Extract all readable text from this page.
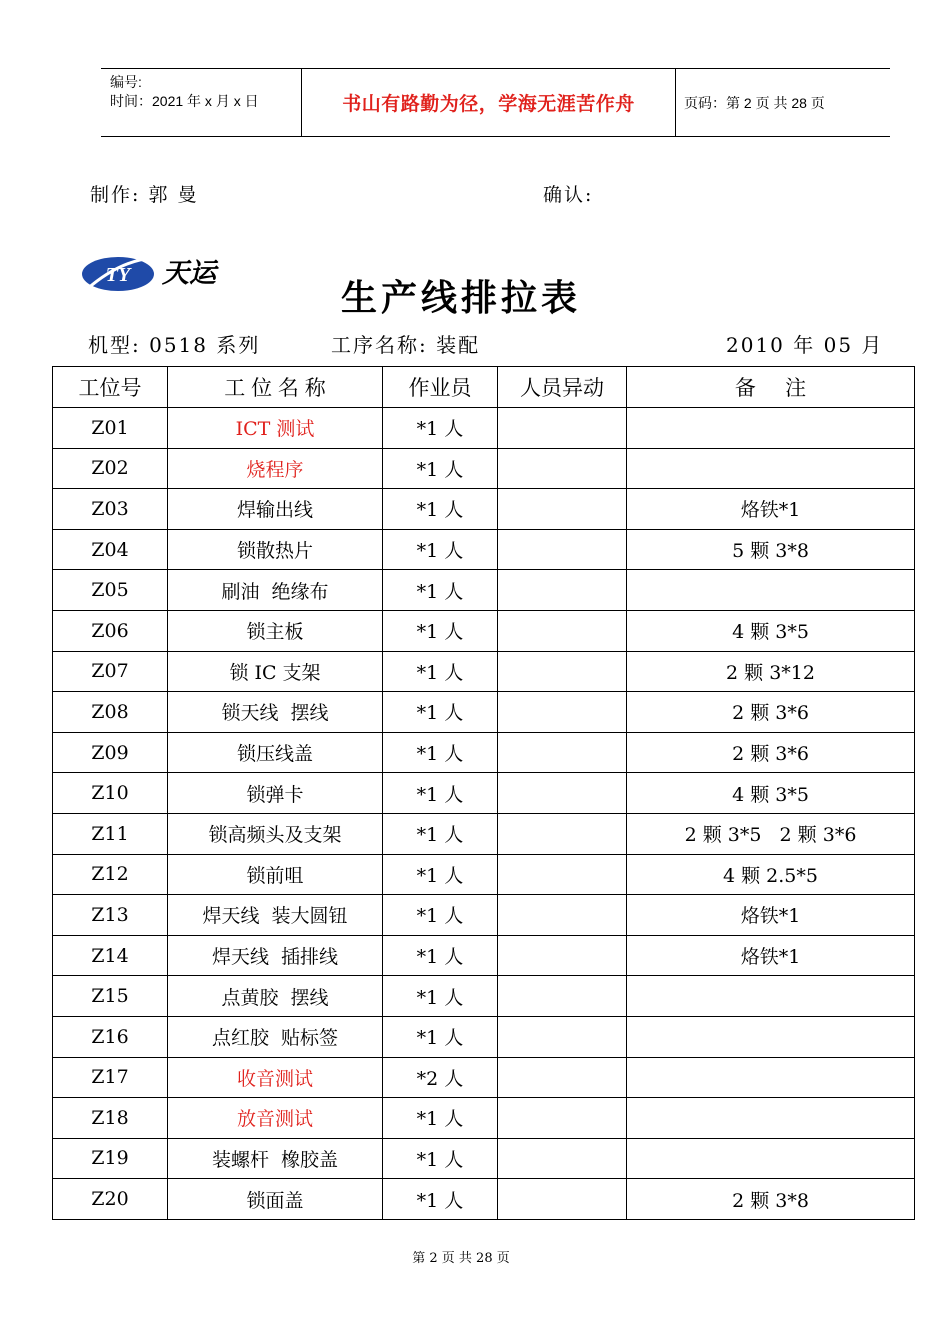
编号:
时间：2021 年 x 月 x 日	书山有路勤为径，学海无涯苦作舟	页码：第 2 页 共 28 页
制作: 郭 曼	确认:
TY 天运
生产线排拉表
机型: 0518 系列	工序名称: 装配	2010 年 05 月
工位号	工 位 名 称	作业员	人员异动	备     注
Z01	ICT 测试	*1 人		
Z02	烧程序	*1 人		
Z03	焊输出线	*1 人		烙铁*1
Z04	锁散热片	*1 人		5 颗 3*8
Z05	刷油  绝缘布	*1 人		
Z06	锁主板	*1 人		4 颗 3*5
Z07	锁 IC 支架	*1 人		2 颗 3*12
Z08	锁天线  摆线	*1 人		2 颗 3*6
Z09	锁压线盖	*1 人		2 颗 3*6
Z10	锁弹卡	*1 人		4 颗 3*5
Z11	锁高频头及支架	*1 人		2 颗 3*5   2 颗 3*6
Z12	锁前咀	*1 人		4 颗 2.5*5
Z13	焊天线  装大圆钮	*1 人		烙铁*1
Z14	焊天线  插排线	*1 人		烙铁*1
Z15	点黄胶  摆线	*1 人		
Z16	点红胶  贴标签	*1 人		
Z17	收音测试	*2 人		
Z18	放音测试	*1 人		
Z19	装螺杆  橡胶盖	*1 人		
Z20	锁面盖	*1 人		2 颗 3*8
第 2 页 共 28 页
